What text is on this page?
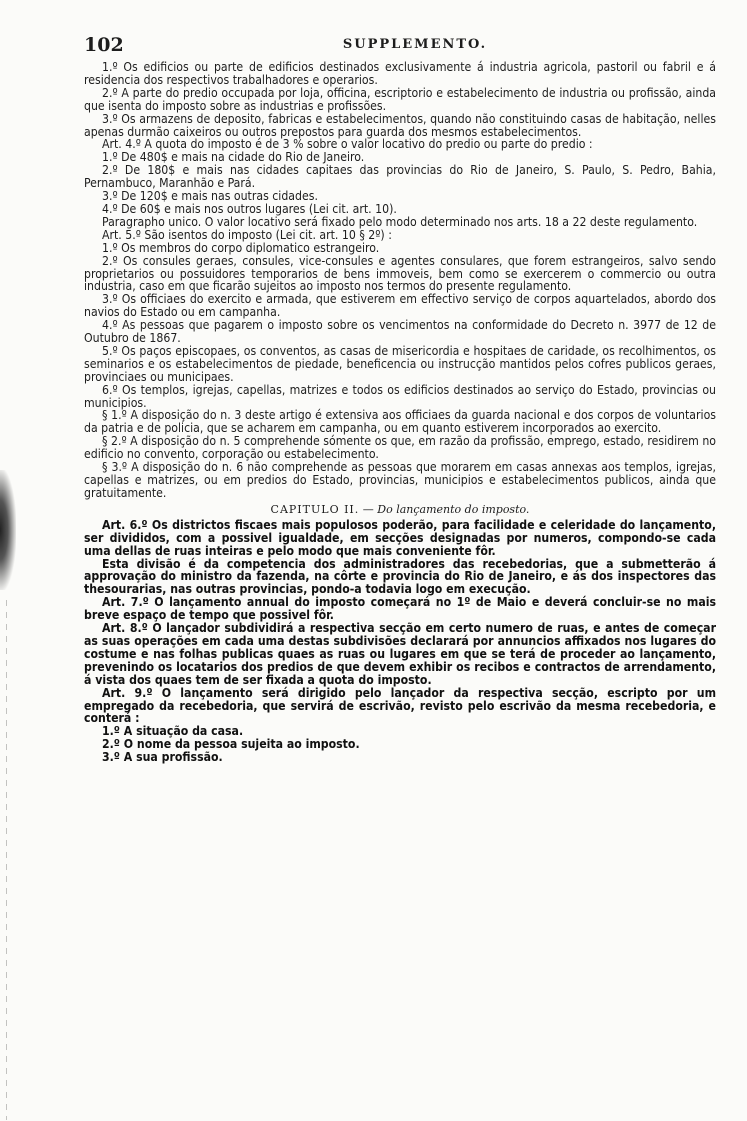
102	SUPPLEMENTO.

1.º Os edificios ou parte de edificios destinados exclusivamente á industria agricola, pastoril ou fabril e á residencia dos respectivos trabalhadores e operarios.

2.º A parte do predio occupada por loja, officina, escriptorio e estabelecimento de industria ou profissão, ainda que isenta do imposto sobre as industrias e profissões.

3.º Os armazens de deposito, fabricas e estabelecimentos, quando não constituindo casas de habitação, nelles apenas durmão caixeiros ou outros prepostos para guarda dos mesmos estabelecimentos.

Art. 4.º A quota do imposto é de 3 % sobre o valor locativo do predio ou parte do predio :

1.º De 480$ e mais na cidade do Rio de Janeiro.

2.º De 180$ e mais nas cidades capitaes das provincias do Rio de Janeiro, S. Paulo, S. Pedro, Bahia, Pernambuco, Maranhão e Pará.

3.º De 120$ e mais nas outras cidades.

4.º De 60$ e mais nos outros lugares (Lei cit. art. 10).

Paragrapho unico. O valor locativo será fixado pelo modo determinado nos arts. 18 a 22 deste regulamento.

Art. 5.º São isentos do imposto (Lei cit. art. 10 § 2º) :

1.º Os membros do corpo diplomatico estrangeiro.

2.º Os consules geraes, consules, vice-consules e agentes consulares, que forem estrangeiros, salvo sendo proprietarios ou possuidores temporarios de bens immoveis, bem como se exercerem o commercio ou outra industria, caso em que ficarão sujeitos ao imposto nos termos do presente regulamento.

3.º Os officiaes do exercito e armada, que estiverem em effectivo serviço de corpos aquartelados, abordo dos navios do Estado ou em campanha.

4.º As pessoas que pagarem o imposto sobre os vencimentos na conformidade do Decreto n. 3977 de 12 de Outubro de 1867.

5.º Os paços episcopaes, os conventos, as casas de misericordia e hospitaes de caridade, os recolhimentos, os seminarios e os estabelecimentos de piedade, beneficencia ou instrucção mantidos pelos cofres publicos geraes, provinciaes ou municipaes.

6.º Os templos, igrejas, capellas, matrizes e todos os edificios destinados ao serviço do Estado, provincias ou municipios.

§ 1.º A disposição do n. 3 deste artigo é extensiva aos officiaes da guarda nacional e dos corpos de voluntarios da patria e de policia, que se acharem em campanha, ou em quanto estiverem incorporados ao exercito.

§ 2.º A disposição do n. 5 comprehende sómente os que, em razão da profissão, emprego, estado, residirem no edificio no convento, corporação ou estabelecimento.

§ 3.º A disposição do n. 6 não comprehende as pessoas que morarem em casas annexas aos templos, igrejas, capellas e matrizes, ou em predios do Estado, provincias, municipios e estabelecimentos publicos, ainda que gratuitamente.

CAPITULO II. — Do lançamento do imposto.

Art. 6.º Os districtos fiscaes mais populosos poderão, para facilidade e celeridade do lançamento, ser divididos, com a possivel igualdade, em secções designadas por numeros, compondo-se cada uma dellas de ruas inteiras e pelo modo que mais conveniente fôr.

Esta divisão é da competencia dos administradores das recebedorias, que a submetterão á approvação do ministro da fazenda, na côrte e provincia do Rio de Janeiro, e ás dos inspectores das thesourarias, nas outras provincias, pondo-a todavia logo em execução.

Art. 7.º O lançamento annual do imposto começará no 1º de Maio e deverá concluir-se no mais breve espaço de tempo que possivel fôr.

Art. 8.º O lançador subdividirá a respectiva secção em certo numero de ruas, e antes de começar as suas operações em cada uma destas subdivisões declarará por annuncios affixados nos lugares do costume e nas folhas publicas quaes as ruas ou lugares em que se terá de proceder ao lançamento, prevenindo os locatarios dos predios de que devem exhibir os recibos e contractos de arrendamento, á vista dos quaes tem de ser fixada a quota do imposto.

Art. 9.º O lançamento será dirigido pelo lançador da respectiva secção, escripto por um empregado da recebedoria, que servirá de escrivão, revisto pelo escrivão da mesma recebedoria, e conterá :

1.º A situação da casa.

2.º O nome da pessoa sujeita ao imposto.

3.º A sua profissão.
